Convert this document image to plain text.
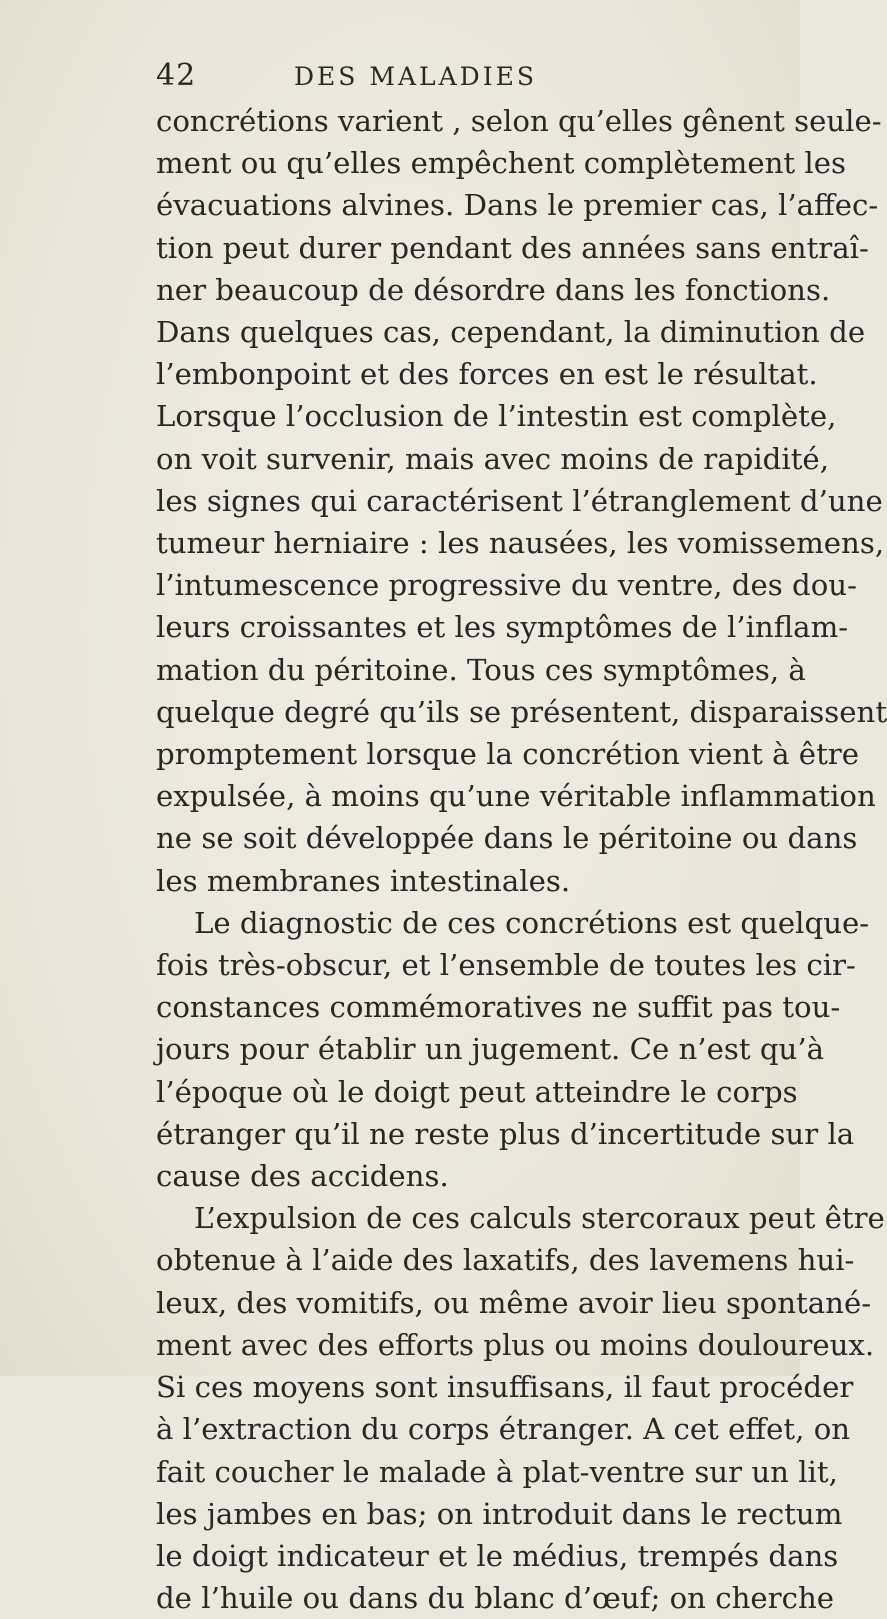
42	DES MALADIES
concrétions varient , selon qu’elles gênent seule-
ment ou qu’elles empêchent complètement les
évacuations alvines. Dans le premier cas, l’affec-
tion peut durer pendant des années sans entraî-
ner beaucoup de désordre dans les fonctions.
Dans quelques cas, cependant, la diminution de
l’embonpoint et des forces en est le résultat.
Lorsque l’occlusion de l’intestin est complète,
on voit survenir, mais avec moins de rapidité,
les signes qui caractérisent l’étranglement d’une
tumeur herniaire : les nausées, les vomissemens,
l’intumescence progressive du ventre, des dou-
leurs croissantes et les symptômes de l’inflam-
mation du péritoine. Tous ces symptômes, à
quelque degré qu’ils se présentent, disparaissent
promptement lorsque la concrétion vient à être
expulsée, à moins qu’une véritable inflammation
ne se soit développée dans le péritoine ou dans
les membranes intestinales.
Le diagnostic de ces concrétions est quelque-
fois très-obscur, et l’ensemble de toutes les cir-
constances commémoratives ne suffit pas tou-
jours pour établir un jugement. Ce n’est qu’à
l’époque où le doigt peut atteindre le corps
étranger qu’il ne reste plus d’incertitude sur la
cause des accidens.
L’expulsion de ces calculs stercoraux peut être
obtenue à l’aide des laxatifs, des lavemens hui-
leux, des vomitifs, ou même avoir lieu spontané-
ment avec des efforts plus ou moins douloureux.
Si ces moyens sont insuffisans, il faut procéder
à l’extraction du corps étranger. A cet effet, on
fait coucher le malade à plat-ventre sur un lit,
les jambes en bas; on introduit dans le rectum
le doigt indicateur et le médius, trempés dans
de l’huile ou dans du blanc d’œuf; on cherche
